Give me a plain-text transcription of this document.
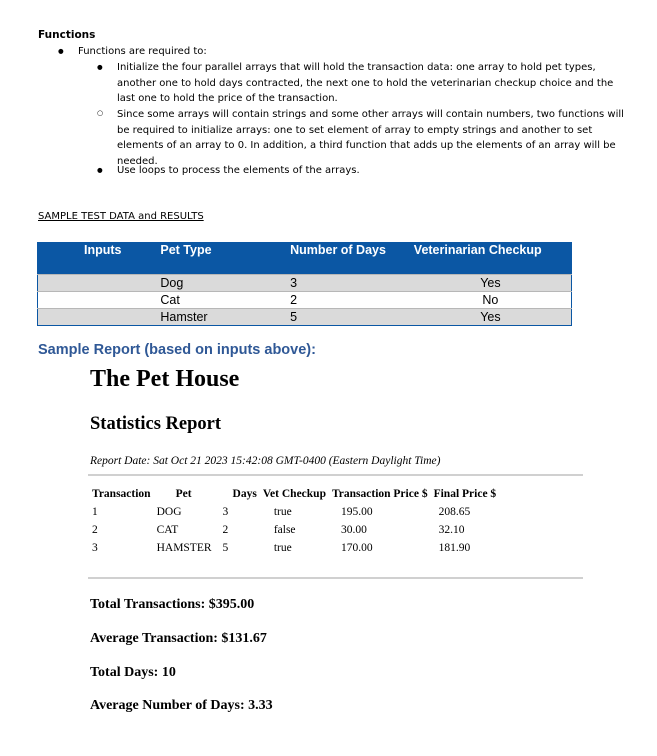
Functions
● Functions are required to:
● Initialize the four parallel arrays that will hold the transaction data: one array to hold pet types, another one to hold days contracted, the next one to hold the veterinarian checkup choice and the last one to hold the price of the transaction.
○ Since some arrays will contain strings and some other arrays will contain numbers, two functions will be required to initialize arrays: one to set element of array to empty strings and another to set elements of an array to 0. In addition, a third function that adds up the elements of an array will be needed.
● Use loops to process the elements of the arrays.
SAMPLE TEST DATA and RESULTS
Inputs	Pet Type	Number of Days	Veterinarian Checkup
	Dog	3	Yes
	Cat	2	No
	Hamster	5	Yes
Sample Report (based on inputs above):
The Pet House
Statistics Report
Report Date: Sat Oct 21 2023 15:42:08 GMT-0400 (Eastern Daylight Time)
Transaction	Pet	Days	Vet Checkup	Transaction Price $	Final Price $
1	DOG	3	true	195.00	208.65
2	CAT	2	false	30.00	32.10
3	HAMSTER	5	true	170.00	181.90
Total Transactions: $395.00
Average Transaction: $131.67
Total Days: 10
Average Number of Days: 3.33
